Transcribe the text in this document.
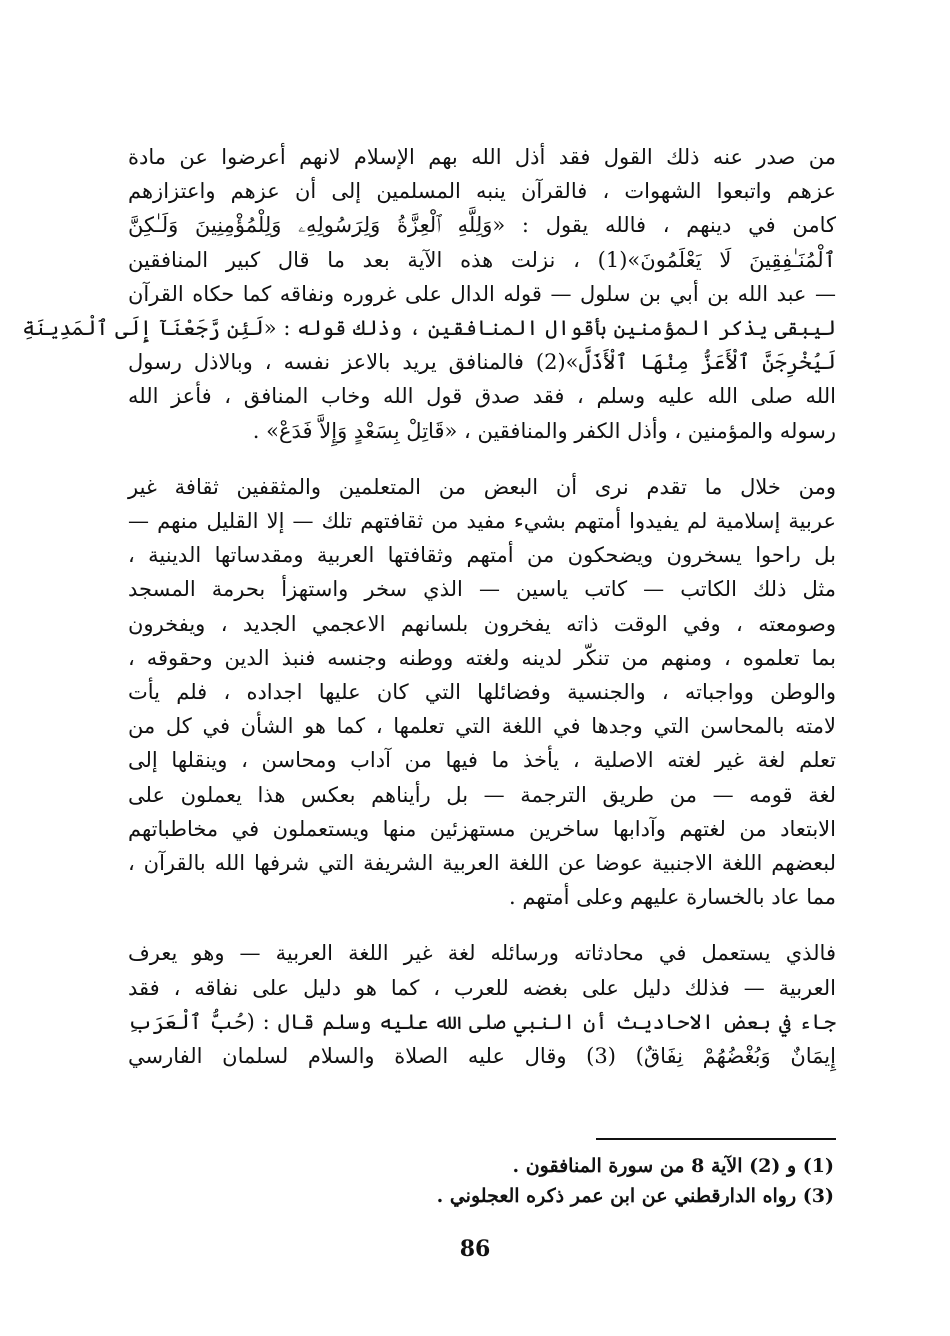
من صدر عنه ذلك القول فقد أذل الله بهم الإسلام لانهم أعرضوا عن مادة
عزهم واتبعوا الشهوات ، فالقرآن ينبه المسلمين إلى أن عزهم واعتزازهم
كامن في دينهم ، فالله يقول : «وَلِلَّهِ ٱلْعِزَّةُ وَلِرَسُولِهِۦ وَلِلْمُؤْمِنِينَ وَلَـٰكِنَّ
ٱلْمُنَـٰفِقِينَ لَا يَعْلَمُونَ»(1) ، نزلت هذه الآية بعد ما قال كبير المنافقين
— عبد الله بن أبي بن سلول — قوله الدال على غروره ونفاقه كما حكاه القرآن
ليبقى يذكر المؤمنين بأقوال المنافقين ، وذلك قوله : «لَئِن رَّجَعْنَآ إِلَى ٱلْمَدِينَةِ
لَيُخْرِجَنَّ ٱلْأَعَزُّ مِنْهَا ٱلْأَذَلَّ»(2) فالمنافق يريد بالاعز نفسه ، وبالاذل رسول
الله صلى الله عليه وسلم ، فقد صدق قول الله وخاب المنافق ، فأعز الله
رسوله والمؤمنين ، وأذل الكفر والمنافقين ، «قَاتِلْ بِسَعْدٍ وَإِلاَّ فَدَعْ» .
ومن خلال ما تقدم نرى أن البعض من المتعلمين والمثقفين ثقافة غير
عربية إسلامية لم يفيدوا أمتهم بشيء مفيد من ثقافتهم تلك — إلا القليل منهم —
بل راحوا يسخرون ويضحكون من أمتهم وثقافتها العربية ومقدساتها الدينية ،
مثل ذلك الكاتب — كاتب ياسين — الذي سخر واستهزأ بحرمة المسجد
وصومعته ، وفي الوقت ذاته يفخرون بلسانهم الاعجمي الجديد ، ويفخرون
بما تعلموه ، ومنهم من تنكّر لدينه ولغته ووطنه وجنسه فنبذ الدين وحقوقه ،
والوطن وواجباته ، والجنسية وفضائلها التي كان عليها اجداده ، فلم يأت
لامته بالمحاسن التي وجدها في اللغة التي تعلمها ، كما هو الشأن في كل من
تعلم لغة غير لغته الاصلية ، يأخذ ما فيها من آداب ومحاسن ، وينقلها إلى
لغة قومه — من طريق الترجمة — بل رأيناهم بعكس هذا يعملون على
الابتعاد من لغتهم وآدابها ساخرين مستهزئين منها ويستعملون في مخاطباتهم
لبعضهم اللغة الاجنبية عوضا عن اللغة العربية الشريفة التي شرفها الله بالقرآن ،
مما عاد بالخسارة عليهم وعلى أمتهم .
فالذي يستعمل في محادثاته ورسائله لغة غير اللغة العربية — وهو يعرف
العربية — فذلك دليل على بغضه للعرب ، كما هو دليل على نفاقه ، فقد
جاء في بعض الاحاديث أن النبي صلى الله عليه وسلم قال : (حُبُّ ٱلْعَرَبِ
إِيمَانٌ وَبُغْضُهُمْ نِفَاقٌ) (3) وقال عليه الصلاة والسلام لسلمان الفارسي
(1) و (2) الآية 8 من سورة المنافقون .
(3) رواه الدارقطني عن ابن عمر ذكره العجلوني .
86
